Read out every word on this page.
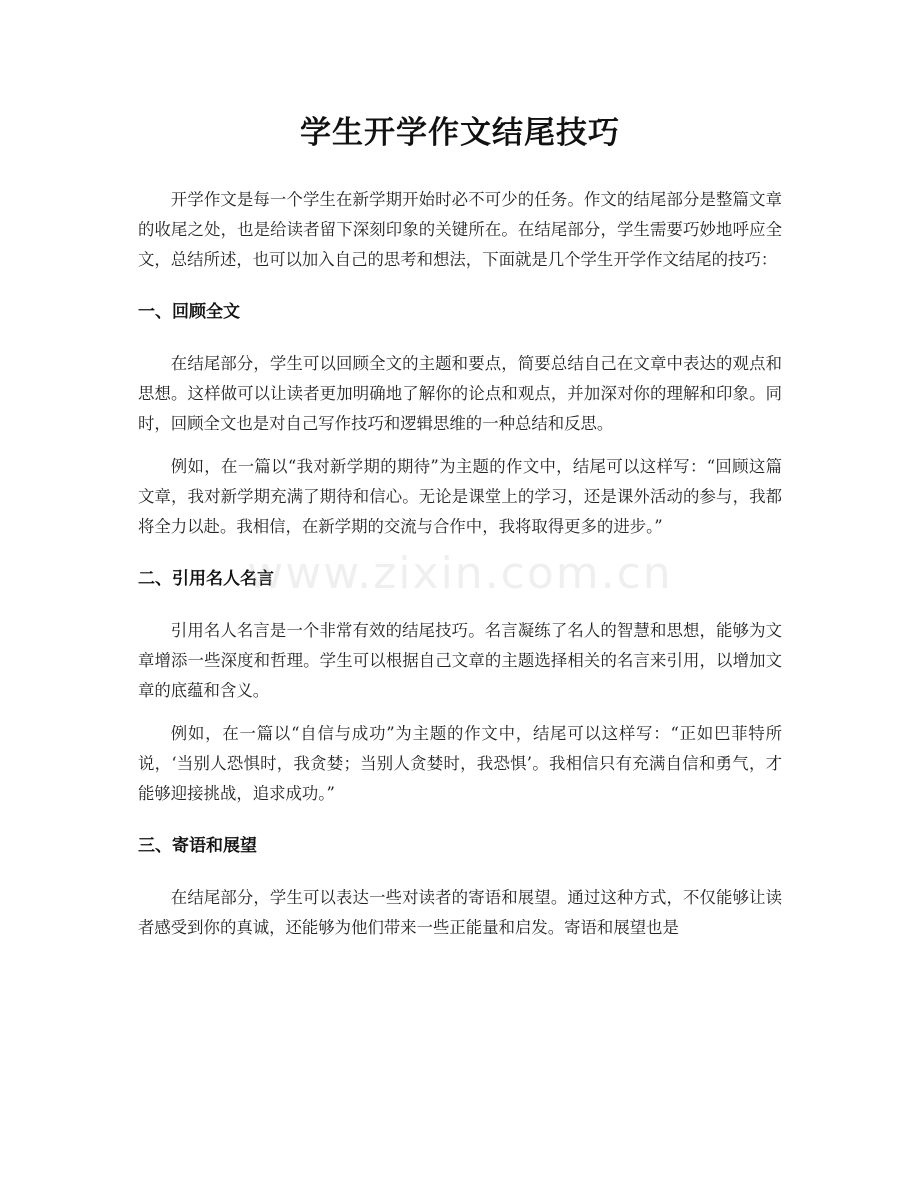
学生开学作文结尾技巧

开学作文是每一个学生在新学期开始时必不可少的任务。作文的结尾部分是整篇文章的收尾之处，也是给读者留下深刻印象的关键所在。在结尾部分，学生需要巧妙地呼应全文，总结所述，也可以加入自己的思考和想法，下面就是几个学生开学作文结尾的技巧：

一、回顾全文

在结尾部分，学生可以回顾全文的主题和要点，简要总结自己在文章中表达的观点和思想。这样做可以让读者更加明确地了解你的论点和观点，并加深对你的理解和印象。同时，回顾全文也是对自己写作技巧和逻辑思维的一种总结和反思。

例如，在一篇以“我对新学期的期待”为主题的作文中，结尾可以这样写：“回顾这篇文章，我对新学期充满了期待和信心。无论是课堂上的学习，还是课外活动的参与，我都将全力以赴。我相信，在新学期的交流与合作中，我将取得更多的进步。”

二、引用名人名言

引用名人名言是一个非常有效的结尾技巧。名言凝练了名人的智慧和思想，能够为文章增添一些深度和哲理。学生可以根据自己文章的主题选择相关的名言来引用，以增加文章的底蕴和含义。

例如，在一篇以“自信与成功”为主题的作文中，结尾可以这样写：“正如巴菲特所说，‘当别人恐惧时，我贪婪；当别人贪婪时，我恐惧’。我相信只有充满自信和勇气，才能够迎接挑战，追求成功。”

三、寄语和展望

在结尾部分，学生可以表达一些对读者的寄语和展望。通过这种方式，不仅能够让读者感受到你的真诚，还能够为他们带来一些正能量和启发。寄语和展望也是

www.zixin.com.cn
